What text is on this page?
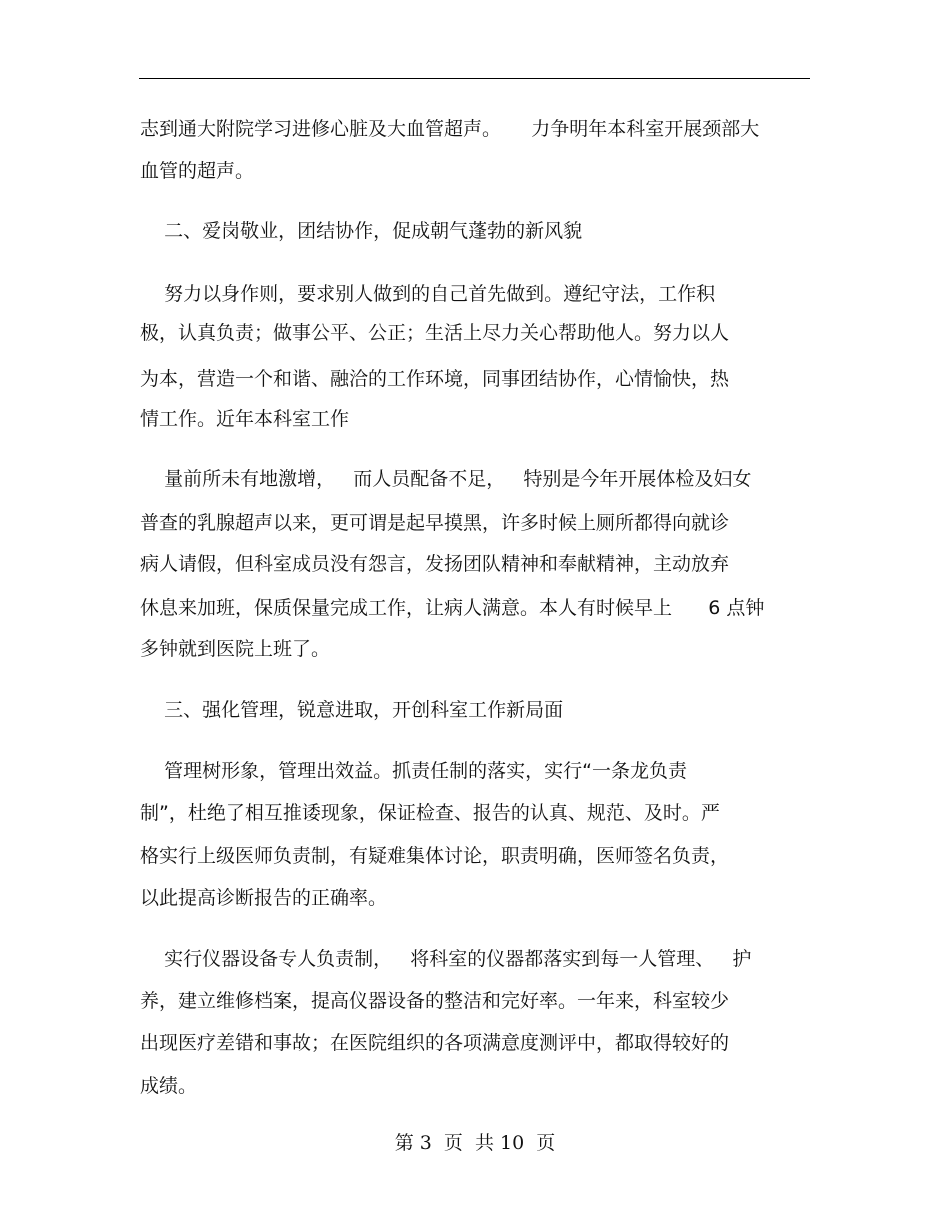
志到通大附院学习进修心脏及大血管超声。     力争明年本科室开展颈部大
血管的超声。
二、爱岗敬业，团结协作，促成朝气蓬勃的新风貌
努力以身作则，要求别人做到的自己首先做到。遵纪守法，工作积
极，认真负责；做事公平、公正；生活上尽力关心帮助他人。努力以人
为本，营造一个和谐、融洽的工作环境，同事团结协作，心情愉快，热
情工作。近年本科室工作
量前所未有地激增，   而人员配备不足，   特别是今年开展体检及妇女
普查的乳腺超声以来，更可谓是起早摸黑，许多时候上厕所都得向就诊
病人请假，但科室成员没有怨言，发扬团队精神和奉献精神，主动放弃
休息来加班，保质保量完成工作，让病人满意。本人有时候早上      6 点钟
多钟就到医院上班了。
三、强化管理，锐意进取，开创科室工作新局面
管理树形象，管理出效益。抓责任制的落实，实行“一条龙负责
制”，杜绝了相互推诿现象，保证检查、报告的认真、规范、及时。严
格实行上级医师负责制，有疑难集体讨论，职责明确，医师签名负责，
以此提高诊断报告的正确率。
实行仪器设备专人负责制，   将科室的仪器都落实到每一人管理、   护
养，建立维修档案，提高仪器设备的整洁和完好率。一年来，科室较少
出现医疗差错和事故；在医院组织的各项满意度测评中，都取得较好的
成绩。
第 3  页  共 10  页
